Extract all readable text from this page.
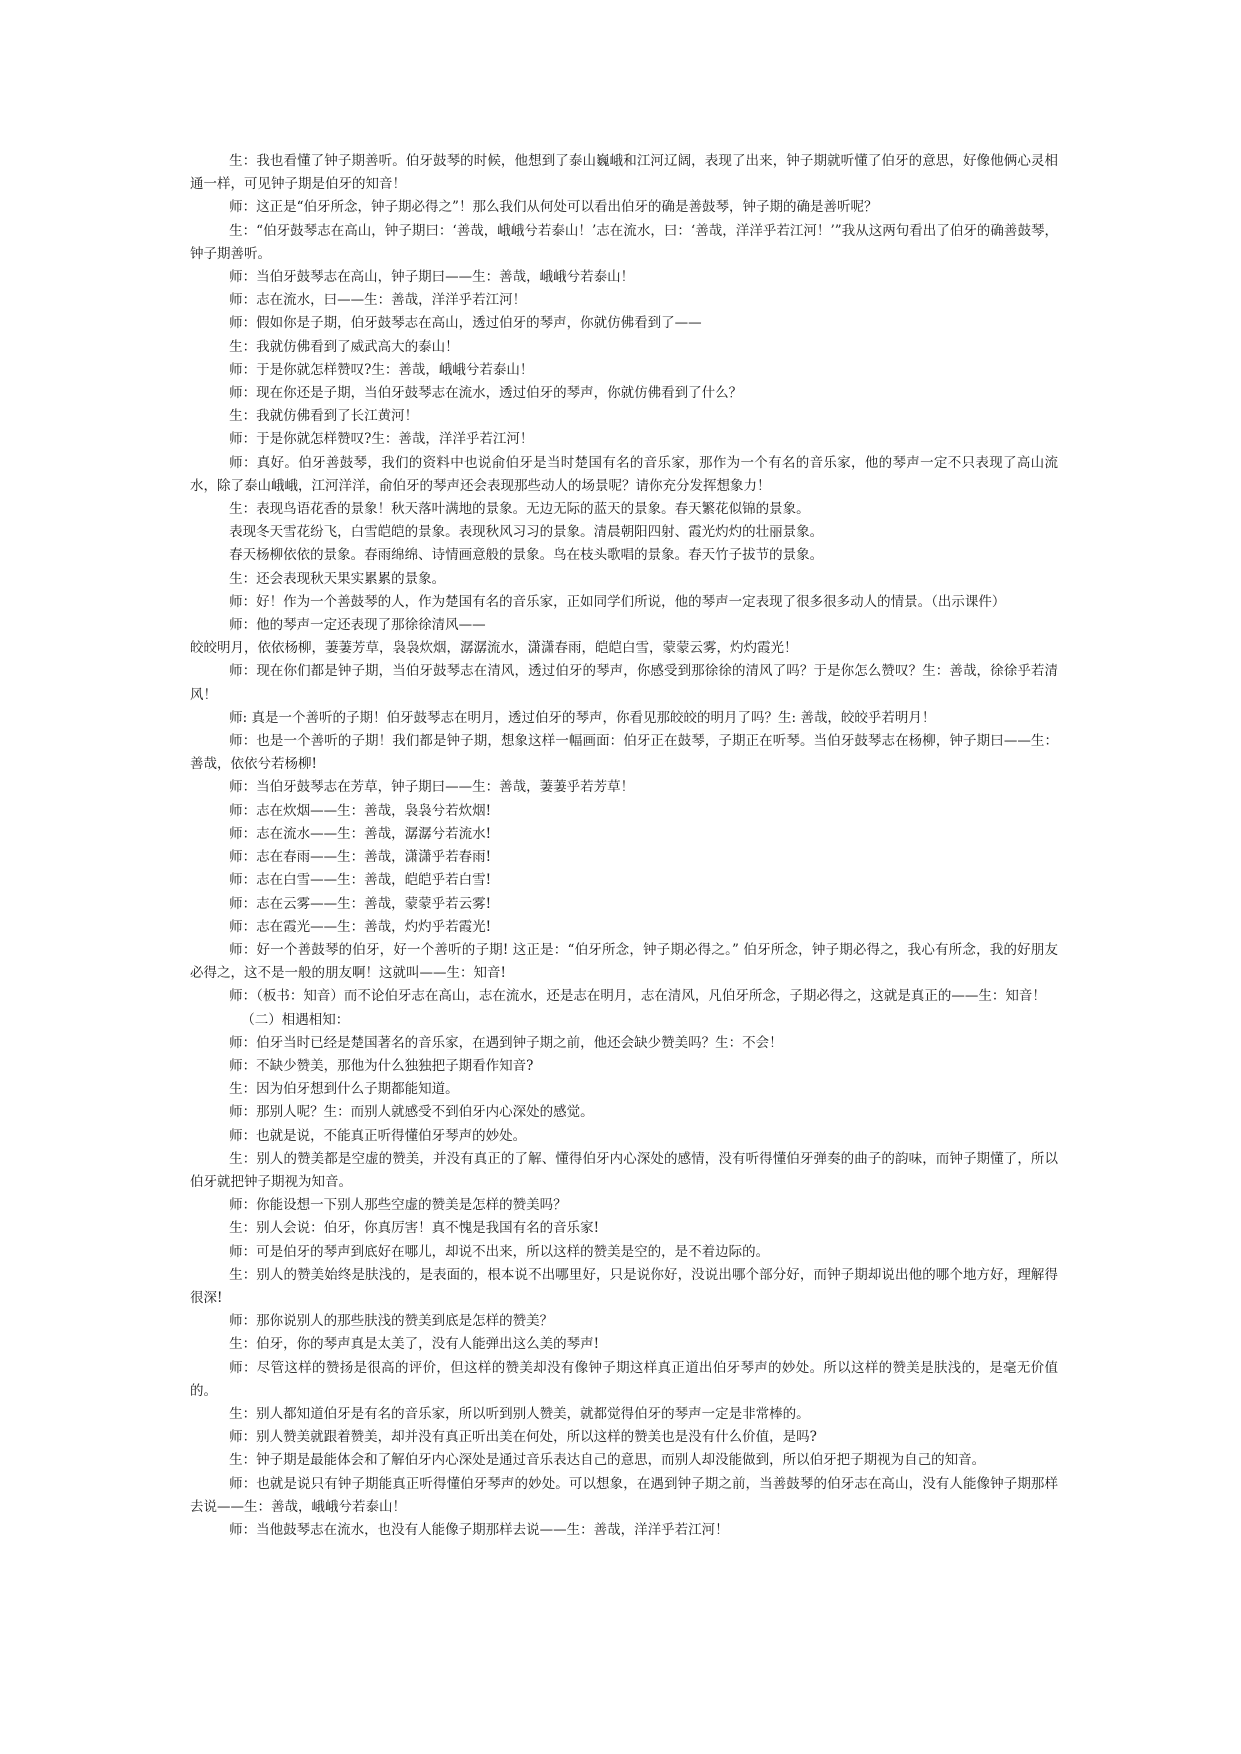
生：我也看懂了钟子期善听。伯牙鼓琴的时候，他想到了泰山巍峨和江河辽阔，表现了出来，钟子期就听懂了伯牙的意思，好像他俩心灵相通一样，可见钟子期是伯牙的知音！

师：这正是“伯牙所念，钟子期必得之”！那么我们从何处可以看出伯牙的确是善鼓琴，钟子期的确是善听呢？

生：“伯牙鼓琴志在高山，钟子期曰：‘善哉，峨峨兮若泰山！’志在流水，曰：‘善哉，洋洋乎若江河！’”我从这两句看出了伯牙的确善鼓琴，钟子期善听。

师：当伯牙鼓琴志在高山，钟子期曰——生：善哉，峨峨兮若泰山！

师：志在流水，曰——生：善哉，洋洋乎若江河！

师：假如你是子期，伯牙鼓琴志在高山，透过伯牙的琴声，你就仿佛看到了——

生：我就仿佛看到了威武高大的泰山！

师：于是你就怎样赞叹?生：善哉，峨峨兮若泰山！

师：现在你还是子期，当伯牙鼓琴志在流水，透过伯牙的琴声，你就仿佛看到了什么？

生：我就仿佛看到了长江黄河！

师：于是你就怎样赞叹?生：善哉，洋洋乎若江河！

师：真好。伯牙善鼓琴，我们的资料中也说俞伯牙是当时楚国有名的音乐家，那作为一个有名的音乐家，他的琴声一定不只表现了高山流水，除了泰山峨峨，江河洋洋，俞伯牙的琴声还会表现那些动人的场景呢？请你充分发挥想象力！

生：表现鸟语花香的景象！秋天落叶满地的景象。无边无际的蓝天的景象。春天繁花似锦的景象。

表现冬天雪花纷飞，白雪皑皑的景象。表现秋风习习的景象。清晨朝阳四射、霞光灼灼的壮丽景象。

春天杨柳依依的景象。春雨绵绵、诗情画意般的景象。鸟在枝头歌唱的景象。春天竹子拔节的景象。

生：还会表现秋天果实累累的景象。

师：好！作为一个善鼓琴的人，作为楚国有名的音乐家，正如同学们所说，他的琴声一定表现了很多很多动人的情景。（出示课件）

师：他的琴声一定还表现了那徐徐清风——

皎皎明月，依依杨柳，萋萋芳草，袅袅炊烟，潺潺流水，潇潇春雨，皑皑白雪，蒙蒙云雾，灼灼霞光！

师：现在你们都是钟子期，当伯牙鼓琴志在清风，透过伯牙的琴声，你感受到那徐徐的清风了吗？于是你怎么赞叹？生：善哉，徐徐乎若清风！

师: 真是一个善听的子期！伯牙鼓琴志在明月，透过伯牙的琴声，你看见那皎皎的明月了吗？生: 善哉，皎皎乎若明月！

师：也是一个善听的子期！我们都是钟子期，想象这样一幅画面：伯牙正在鼓琴，子期正在听琴。当伯牙鼓琴志在杨柳，钟子期曰——生：善哉，依依兮若杨柳!

师：当伯牙鼓琴志在芳草，钟子期曰——生：善哉，萋萋乎若芳草！

师：志在炊烟——生：善哉，袅袅兮若炊烟!

师：志在流水——生：善哉，潺潺兮若流水!

师：志在春雨——生：善哉，潇潇乎若春雨!

师：志在白雪——生：善哉，皑皑乎若白雪!

师：志在云雾——生：善哉，蒙蒙乎若云雾!

师：志在霞光——生：善哉，灼灼乎若霞光!

师：好一个善鼓琴的伯牙，好一个善听的子期! 这正是：“伯牙所念，钟子期必得之。” 伯牙所念，钟子期必得之，我心有所念，我的好朋友必得之，这不是一般的朋友啊！这就叫——生：知音!

师：（板书：知音）而不论伯牙志在高山，志在流水，还是志在明月，志在清风，凡伯牙所念，子期必得之，这就是真正的——生：知音！

（二）相遇相知：

师：伯牙当时已经是楚国著名的音乐家，在遇到钟子期之前，他还会缺少赞美吗？生：不会！

师：不缺少赞美，那他为什么独独把子期看作知音?

生：因为伯牙想到什么子期都能知道。

师：那别人呢？生：而别人就感受不到伯牙内心深处的感觉。

师：也就是说，不能真正听得懂伯牙琴声的妙处。

生：别人的赞美都是空虚的赞美，并没有真正的了解、懂得伯牙内心深处的感情，没有听得懂伯牙弹奏的曲子的韵味，而钟子期懂了，所以伯牙就把钟子期视为知音。

师：你能设想一下别人那些空虚的赞美是怎样的赞美吗？

生：别人会说：伯牙，你真厉害！真不愧是我国有名的音乐家!

师：可是伯牙的琴声到底好在哪儿，却说不出来，所以这样的赞美是空的，是不着边际的。

生：别人的赞美始终是肤浅的，是表面的，根本说不出哪里好，只是说你好，没说出哪个部分好，而钟子期却说出他的哪个地方好，理解得很深!

师：那你说别人的那些肤浅的赞美到底是怎样的赞美？

生：伯牙，你的琴声真是太美了，没有人能弹出这么美的琴声!

师：尽管这样的赞扬是很高的评价，但这样的赞美却没有像钟子期这样真正道出伯牙琴声的妙处。所以这样的赞美是肤浅的，是毫无价值的。

生：别人都知道伯牙是有名的音乐家，所以听到别人赞美，就都觉得伯牙的琴声一定是非常棒的。

师：别人赞美就跟着赞美，却并没有真正听出美在何处，所以这样的赞美也是没有什么价值，是吗?

生：钟子期是最能体会和了解伯牙内心深处是通过音乐表达自己的意思，而别人却没能做到，所以伯牙把子期视为自己的知音。

师：也就是说只有钟子期能真正听得懂伯牙琴声的妙处。可以想象，在遇到钟子期之前，当善鼓琴的伯牙志在高山，没有人能像钟子期那样去说——生：善哉，峨峨兮若泰山！

师：当他鼓琴志在流水，也没有人能像子期那样去说——生：善哉，洋洋乎若江河！
